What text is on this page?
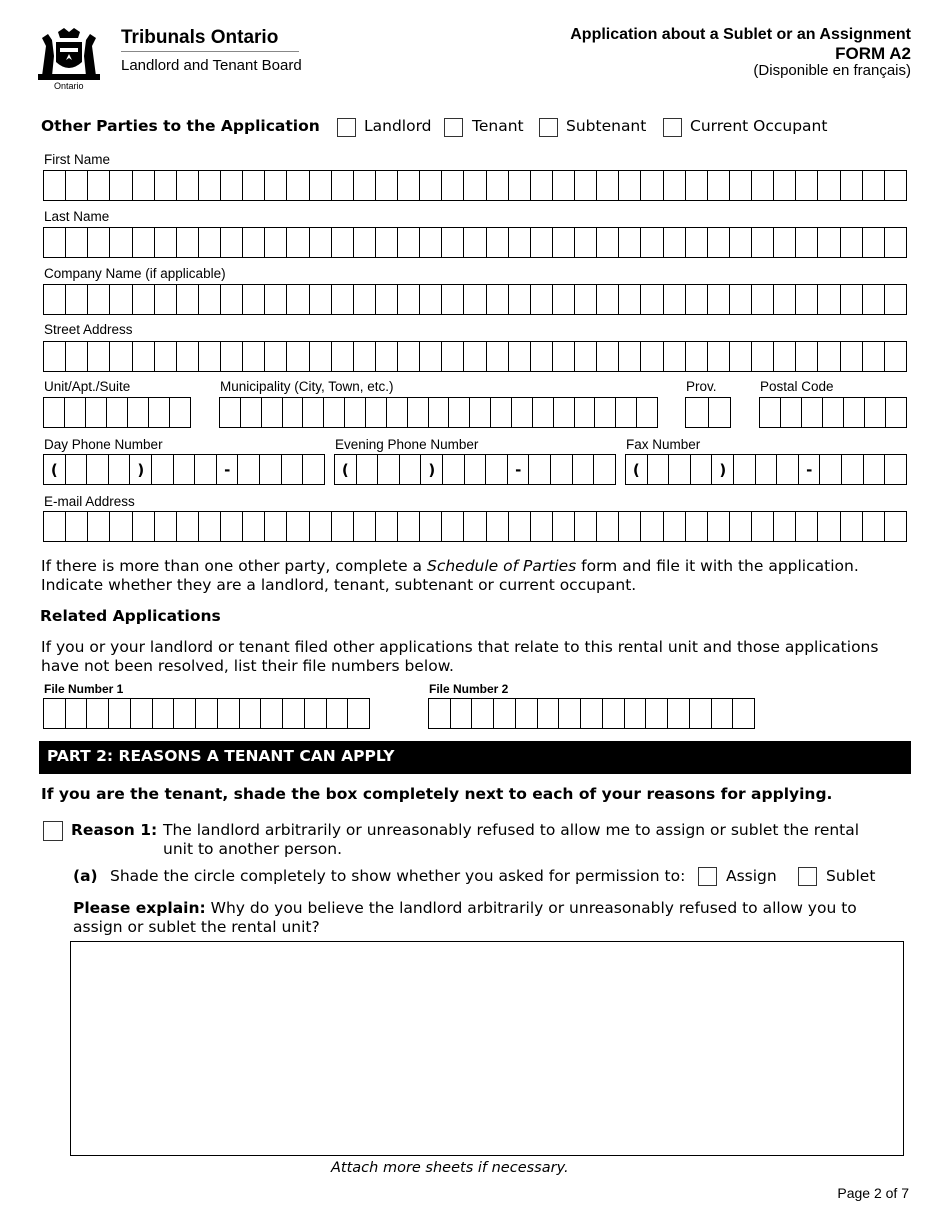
Ontario
Tribunals Ontario
Landlord and Tenant Board
Application about a Sublet or an Assignment
FORM A2
(Disponible en français)
Other Parties to the Application	Landlord	Tenant	Subtenant	Current Occupant
First Name
Last Name
Company Name (if applicable)
Street Address
Unit/Apt./Suite	Municipality (City, Town, etc.)	Prov.	Postal Code
Day Phone Number	Evening Phone Number	Fax Number
(	)	-	(	)	-	(	)	-
E-mail Address
If there is more than one other party, complete a Schedule of Parties form and file it with the application. Indicate whether they are a landlord, tenant, subtenant or current occupant.
Related Applications
If you or your landlord or tenant filed other applications that relate to this rental unit and those applications have not been resolved, list their file numbers below.
File Number 1	File Number 2
PART 2: REASONS A TENANT CAN APPLY
If you are the tenant, shade the box completely next to each of your reasons for applying.
Reason 1: The landlord arbitrarily or unreasonably refused to allow me to assign or sublet the rental unit to another person.
(a) Shade the circle completely to show whether you asked for permission to:	Assign	Sublet
Please explain: Why do you believe the landlord arbitrarily or unreasonably refused to allow you to assign or sublet the rental unit?
Attach more sheets if necessary.
Page 2 of 7
